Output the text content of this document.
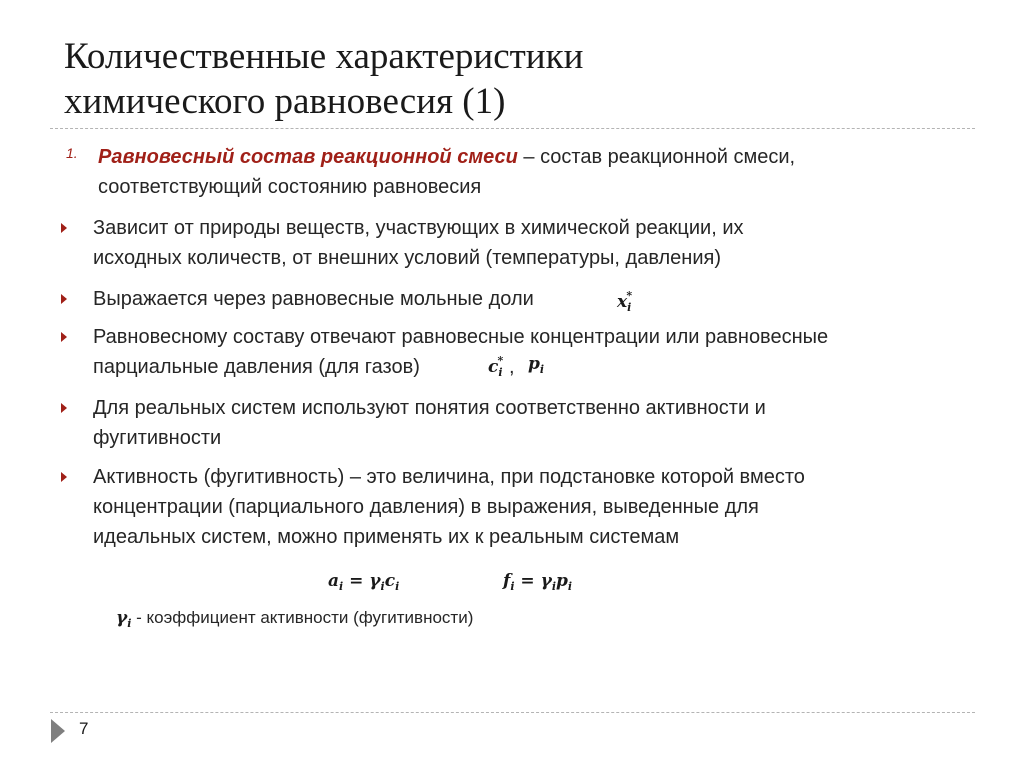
Количественные характеристики
химического равновесия (1)
1. Равновесный состав реакционной смеси – состав реакционной смеси,
соответствующий состоянию равновесия
Зависит от природы веществ, участвующих в химической реакции, их
исходных количеств, от внешних условий (температуры, давления)
Выражается через равновесные мольные доли	$x_i^*$
Равновесному составу отвечают равновесные концентрации или равновесные
парциальные давления (для газов)	$c_i^*$ , $p_i$
Для реальных систем используют понятия соответственно активности и
фугитивности
Активность (фугитивность) – это величина, при подстановке которой вместо
концентрации (парциального давления) в выражения, выведенные для
идеальных систем, можно применять их к реальным системам
$a_i = \gamma_ic_i$	$f_i = \gamma_ip_i$
$\gamma_i$ - коэффициент активности (фугитивности)
7
